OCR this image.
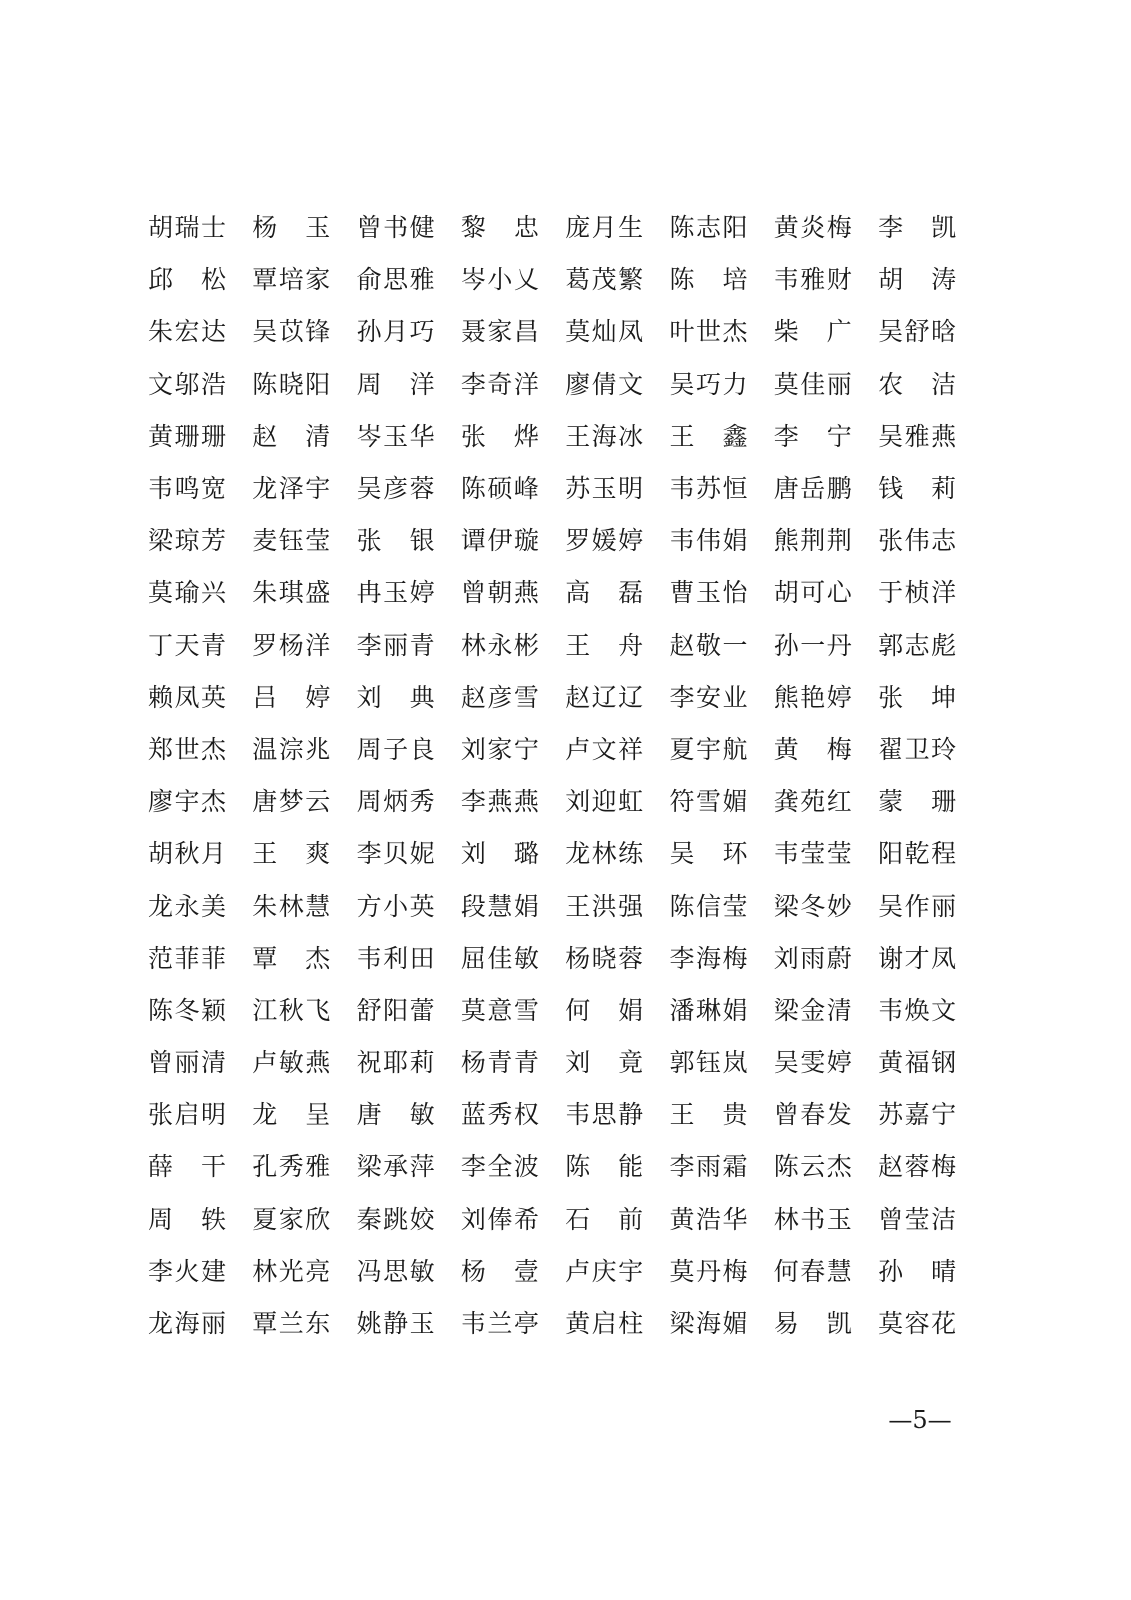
胡瑞士 杨　玉 曾书健 黎　忠 庞月生 陈志阳 黄炎梅 李　凯
邱　松 覃培家 俞思雅 岑小乂 葛茂繁 陈　培 韦雅财 胡　涛
朱宏达 吴苡锋 孙月巧 聂家昌 莫灿凤 叶世杰 柴　广 吴舒晗
文邬浩 陈晓阳 周　洋 李奇洋 廖倩文 吴巧力 莫佳丽 农　洁
黄珊珊 赵　清 岑玉华 张　烨 王海冰 王　鑫 李　宁 吴雅燕
韦鸣宽 龙泽宇 吴彦蓉 陈硕峰 苏玉明 韦苏恒 唐岳鹏 钱　莉
梁琼芳 麦钰莹 张　银 谭伊璇 罗媛婷 韦伟娟 熊荆荆 张伟志
莫瑜兴 朱琪盛 冉玉婷 曾朝燕 高　磊 曹玉怡 胡可心 于桢洋
丁天青 罗杨洋 李丽青 林永彬 王　舟 赵敬一 孙一丹 郭志彪
赖凤英 吕　婷 刘　典 赵彦雪 赵辽辽 李安业 熊艳婷 张　坤
郑世杰 温淙兆 周子良 刘家宁 卢文祥 夏宇航 黄　梅 翟卫玲
廖宇杰 唐梦云 周炳秀 李燕燕 刘迎虹 符雪媚 龚苑红 蒙　珊
胡秋月 王　爽 李贝妮 刘　璐 龙林练 吴　环 韦莹莹 阳乾程
龙永美 朱林慧 方小英 段慧娟 王洪强 陈信莹 梁冬妙 吴作丽
范菲菲 覃　杰 韦利田 屈佳敏 杨晓蓉 李海梅 刘雨蔚 谢才凤
陈冬颖 江秋飞 舒阳蕾 莫意雪 何　娟 潘琳娟 梁金清 韦焕文
曾丽清 卢敏燕 祝耶莉 杨青青 刘　竟 郭钰岚 吴雯婷 黄福钢
张启明 龙　呈 唐　敏 蓝秀权 韦思静 王　贵 曾春发 苏嘉宁
薛　干 孔秀雅 梁承萍 李全波 陈　能 李雨霜 陈云杰 赵蓉梅
周　轶 夏家欣 秦跳姣 刘俸希 石　前 黄浩华 林书玉 曾莹洁
李火建 林光亮 冯思敏 杨　壹 卢庆宇 莫丹梅 何春慧 孙　晴
龙海丽 覃兰东 姚静玉 韦兰亭 黄启柱 梁海媚 易　凯 莫容花
—5—
